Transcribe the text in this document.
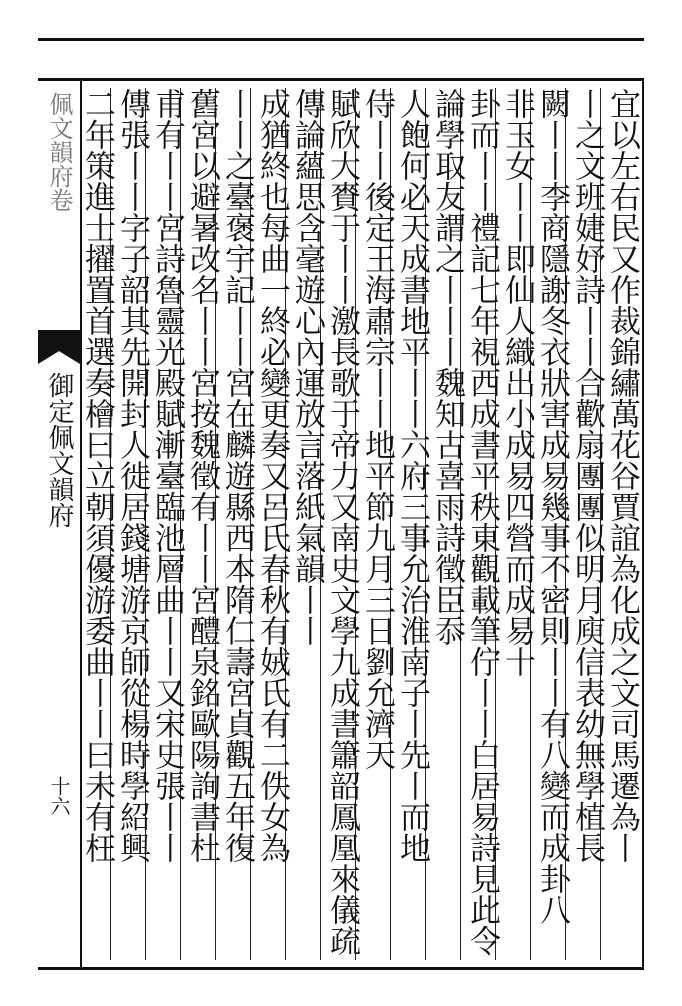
佩文韻府卷
御定佩文韻府
十六	宜以左右民又作裁錦繡萬花谷賈誼為化成之文司馬遷為丨
丨之文班婕妤詩丨丨合歡扇團團似明月庾信表幼無學植長
闕丨丨李商隱謝冬衣狀害成易幾事不密則丨丨有八變而成卦八
非玉女丨丨即仙人織出小成易四營而成易十
卦而丨丨禮記七年視西成書平秩東觀載筆佇丨丨白居易詩見此令
論學取友謂之丨丨丨魏知古喜雨詩徵臣忝
人飽何必天成書地平丨丨六府三事允治淮南子丨先丨而地
侍丨丨後定王海肅宗丨丨地平節九月三日劉允濟天
賦欣大賚于丨丨激長歌于帝力又南史文學九成書簫韶鳳凰來儀疏
傳論蘊思含毫遊心內運放言落紙氣韻丨丨
成猶終也每曲一終必變更奏又呂氏春秋有娀氏有二佚女為
丨丨之臺褒宇記丨丨宮在麟遊縣西本隋仁壽宮貞觀五年復
舊宮以避暑改名丨丨宮按魏徵有丨丨宮醴泉銘歐陽詢書杜
甫有丨丨宮詩魯靈光殿賦漸臺臨池層曲丨丨又宋史張丨丨
傳張丨丨字子韶其先開封人徙居錢塘游京師從楊時學紹興
二年策進士擢置首選奏檜曰立朝須優游委曲丨丨曰未有枉
